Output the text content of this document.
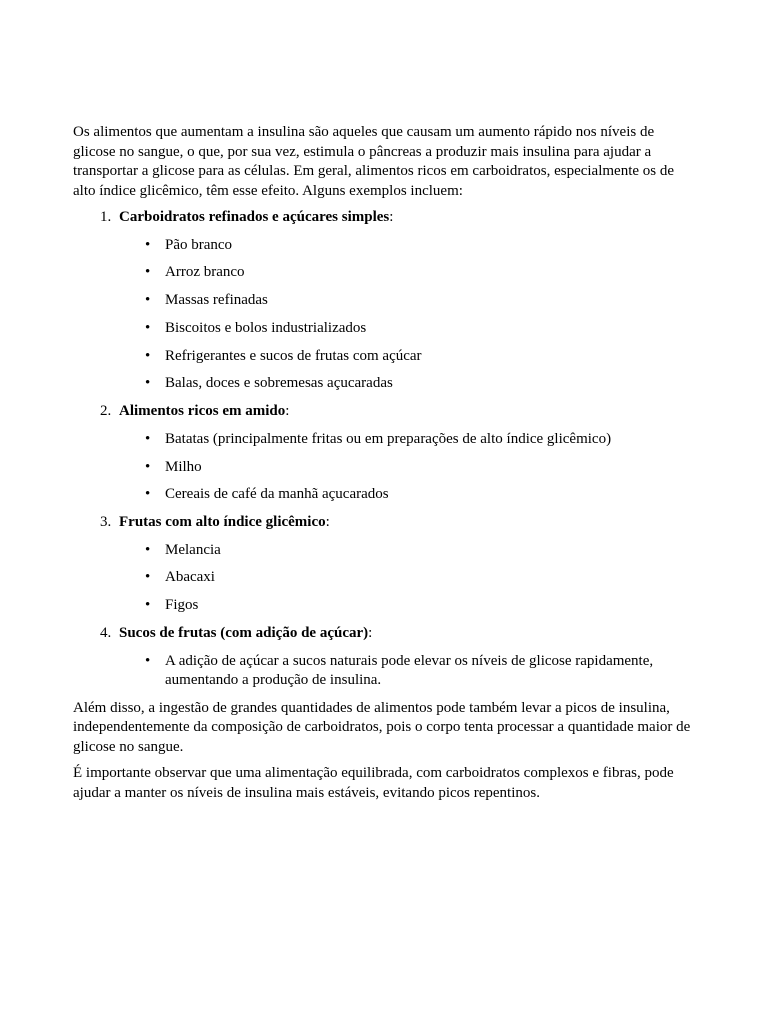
Os alimentos que aumentam a insulina são aqueles que causam um aumento rápido nos níveis de glicose no sangue, o que, por sua vez, estimula o pâncreas a produzir mais insulina para ajudar a transportar a glicose para as células. Em geral, alimentos ricos em carboidratos, especialmente os de alto índice glicêmico, têm esse efeito. Alguns exemplos incluem:

1. Carboidratos refinados e açúcares simples:
• Pão branco
• Arroz branco
• Massas refinadas
• Biscoitos e bolos industrializados
• Refrigerantes e sucos de frutas com açúcar
• Balas, doces e sobremesas açucaradas
2. Alimentos ricos em amido:
• Batatas (principalmente fritas ou em preparações de alto índice glicêmico)
• Milho
• Cereais de café da manhã açucarados
3. Frutas com alto índice glicêmico:
• Melancia
• Abacaxi
• Figos
4. Sucos de frutas (com adição de açúcar):
• A adição de açúcar a sucos naturais pode elevar os níveis de glicose rapidamente, aumentando a produção de insulina.

Além disso, a ingestão de grandes quantidades de alimentos pode também levar a picos de insulina, independentemente da composição de carboidratos, pois o corpo tenta processar a quantidade maior de glicose no sangue.

É importante observar que uma alimentação equilibrada, com carboidratos complexos e fibras, pode ajudar a manter os níveis de insulina mais estáveis, evitando picos repentinos.
